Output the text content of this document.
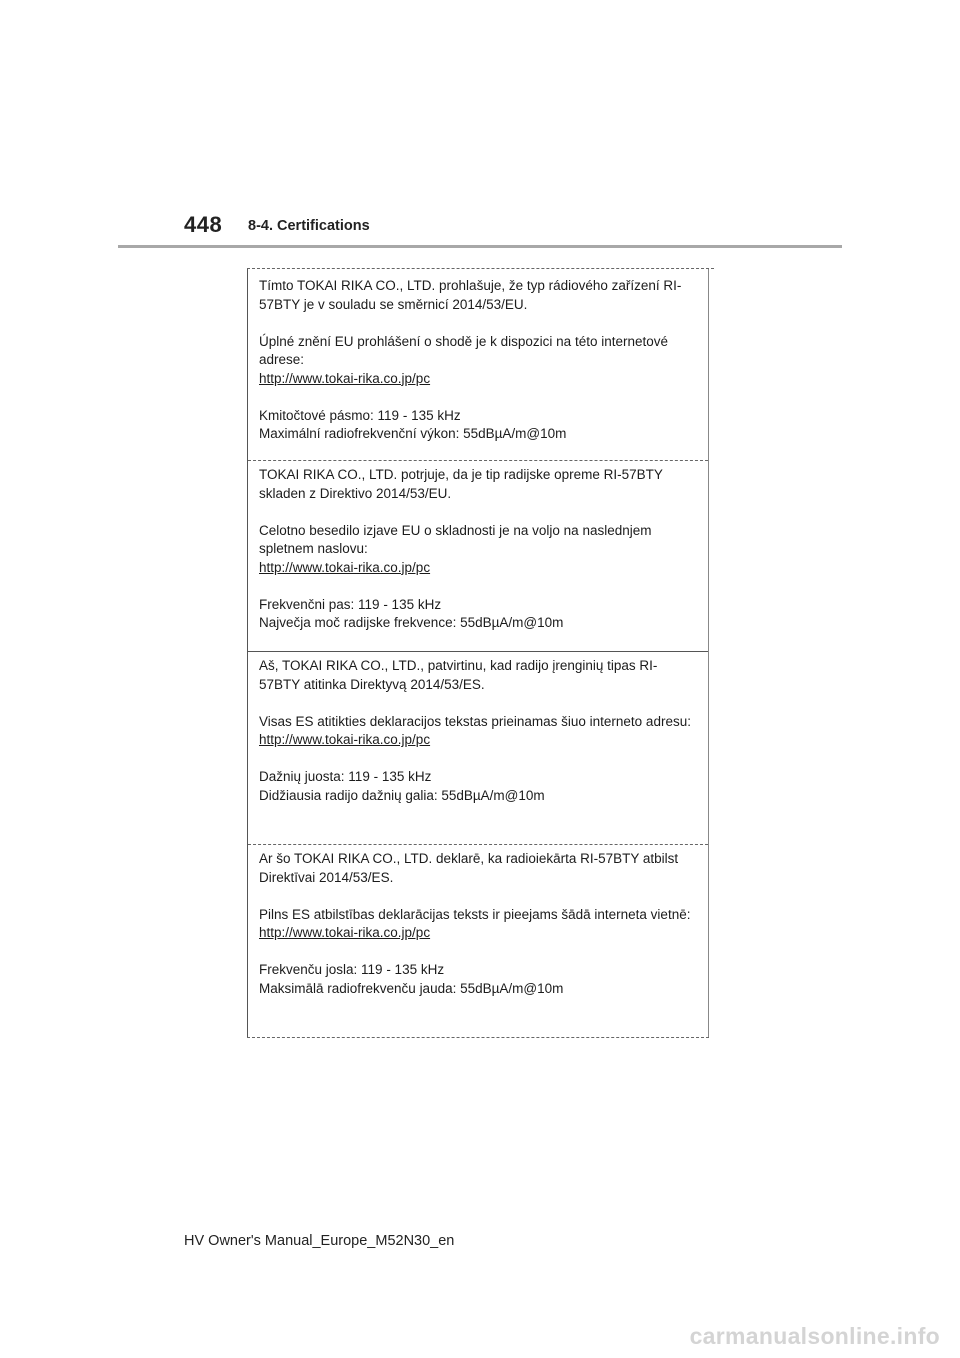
448 8-4. Certifications

Tímto TOKAI RIKA CO., LTD. prohlašuje, že typ rádiového zařízení RI-57BTY je v souladu se směrnicí 2014/53/EU.

Úplné znění EU prohlášení o shodě je k dispozici na této internetové adrese:

http://www.tokai-rika.co.jp/pc

Kmitočtové pásmo: 119 - 135 kHz

Maximální radiofrekvenční výkon: 55dBµA/m@10m

TOKAI RIKA CO., LTD. potrjuje, da je tip radijske opreme RI-57BTY skladen z Direktivo 2014/53/EU.

Celotno besedilo izjave EU o skladnosti je na voljo na naslednjem spletnem naslovu:

http://www.tokai-rika.co.jp/pc

Frekvenčni pas: 119 - 135 kHz

Največja moč radijske frekvence: 55dBµA/m@10m

Aš, TOKAI RIKA CO., LTD., patvirtinu, kad radijo įrenginių tipas RI-57BTY atitinka Direktyvą 2014/53/ES.

Visas ES atitikties deklaracijos tekstas prieinamas šiuo interneto adresu:

http://www.tokai-rika.co.jp/pc

Dažnių juosta: 119 - 135 kHz

Didžiausia radijo dažnių galia: 55dBµA/m@10m

Ar šo TOKAI RIKA CO., LTD. deklarē, ka radioiekārta RI-57BTY atbilst Direktīvai 2014/53/ES.

Pilns ES atbilstības deklarācijas teksts ir pieejams šādā interneta vietnē:

http://www.tokai-rika.co.jp/pc

Frekvenču josla: 119 - 135 kHz

Maksimālā radiofrekvenču jauda: 55dBµA/m@10m

HV Owner's Manual_Europe_M52N30_en
carmanualsonline.info
